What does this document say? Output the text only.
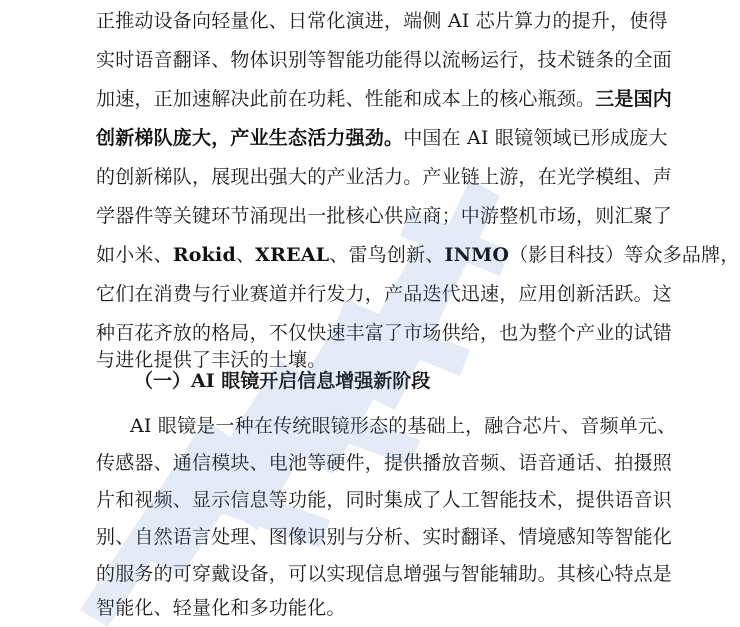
正推动设备向轻量化、日常化演进，端侧 AI 芯片算力的提升，使得
实时语音翻译、物体识别等智能功能得以流畅运行，技术链条的全面
加速，正加速解决此前在功耗、性能和成本上的核心瓶颈。三是国内
创新梯队庞大，产业生态活力强劲。中国在 AI 眼镜领域已形成庞大
的创新梯队，展现出强大的产业活力。产业链上游，在光学模组、声
学器件等关键环节涌现出一批核心供应商；中游整机市场，则汇聚了
如小米、Rokid、XREAL、雷鸟创新、INMO（影目科技）等众多品牌，
它们在消费与行业赛道并行发力，产品迭代迅速，应用创新活跃。这
种百花齐放的格局，不仅快速丰富了市场供给，也为整个产业的试错
与进化提供了丰沃的土壤。
（一）AI 眼镜开启信息增强新阶段
AI 眼镜是一种在传统眼镜形态的基础上，融合芯片、音频单元、
传感器、通信模块、电池等硬件，提供播放音频、语音通话、拍摄照
片和视频、显示信息等功能，同时集成了人工智能技术，提供语音识
别、自然语言处理、图像识别与分析、实时翻译、情境感知等智能化
的服务的可穿戴设备，可以实现信息增强与智能辅助。其核心特点是
智能化、轻量化和多功能化。
